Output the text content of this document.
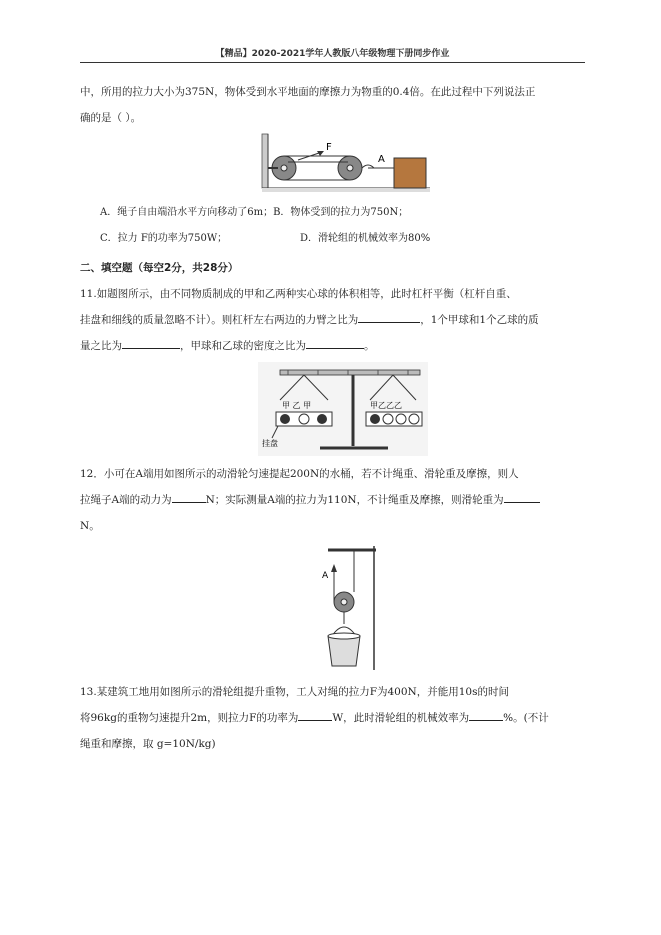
【精品】2020-2021学年人教版八年级物理下册同步作业

中，所用的拉力大小为375N，物体受到水平地面的摩擦力为物重的0.4倍。在此过程中下列说法正

确的是（ ）。

F
A
A．绳子自由端沿水平方向移动了6m；B．物体受到的拉力为750N；
C．拉力 F的功率为750W；	D．滑轮组的机械效率为80%
二、填空题（每空2分，共28分）

11.如题图所示，由不同物质制成的甲和乙两种实心球的体积相等，此时杠杆平衡（杠杆自重、

挂盘和细线的质量忽略不计）。则杠杆左右两边的力臂之比为	，1个甲球和1个乙球的质

量之比为	，甲球和乙球的密度之比为	。

甲 乙 甲	甲乙乙乙
挂盘

12．小可在A端用如图所示的动滑轮匀速提起200N的水桶，若不计绳重、滑轮重及摩擦，则人

拉绳子A端的动力为	N；实际测量A端的拉力为110N，不计绳重及摩擦，则滑轮重为

N。

A

13.某建筑工地用如图所示的滑轮组提升重物，工人对绳的拉力F为400N，并能用10s的时间

将96kg的重物匀速提升2m，则拉力F的功率为	W，此时滑轮组的机械效率为	%。(不计

绳重和摩擦，取 g=10N/kg)
